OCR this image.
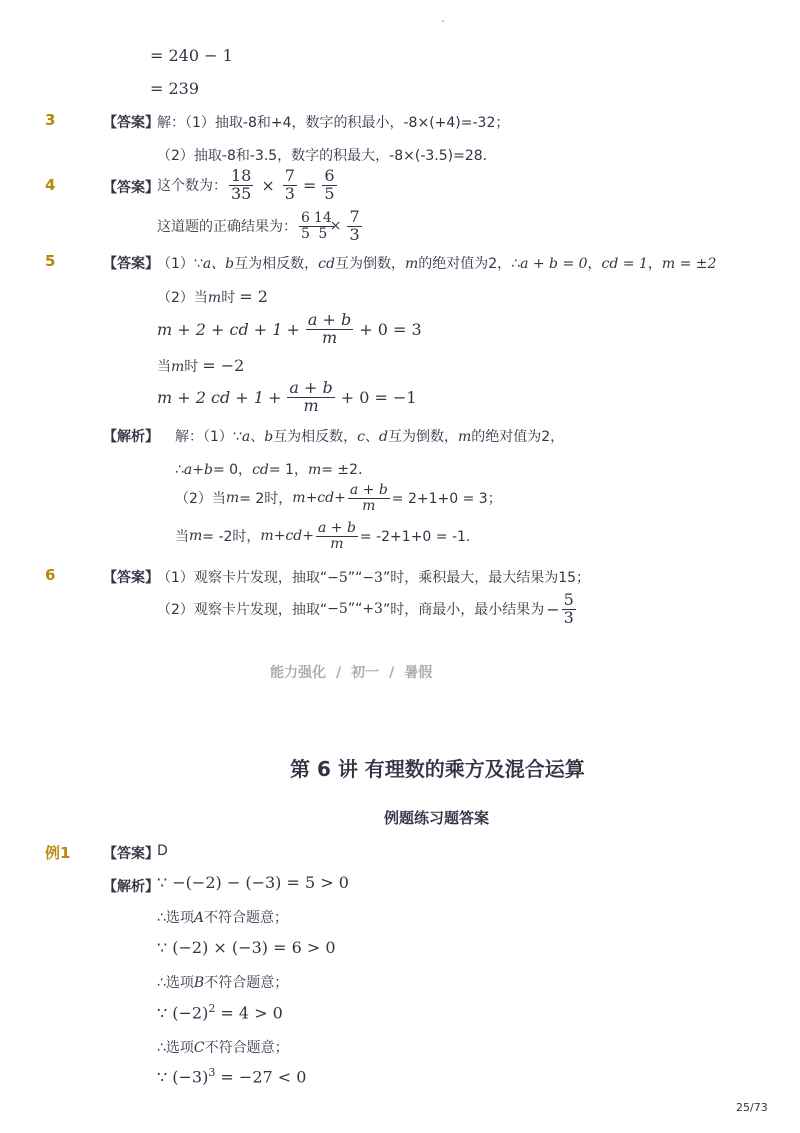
-
= 240 − 1
= 239
3	【答案】
解：（1）抽取-8和+4，数字的积最小，-8×(+4)=-32；
（2）抽取-8和-3.5，数字的积最大，-8×(-3.5)=28．
4	【答案】
这个数为： $\frac{18}{35} \times \frac{7}{3} = \frac{6}{5}$
这道题的正确结果为： $\frac{6}{5} \frac{14}{5}$
× $\frac{7}{3}$
5	【答案】
（1）∵a、b互为相反数，cd互为倒数，m的绝对值为2，∴a + b = 0，cd = 1，m = ±2
（2）当m时 = 2
m + 2 + cd + $1 + \frac{a + b}{m} + 0 = 3$
当m时 = −2
m + 2 cd + $1 + \frac{a + b}{m} + 0 = -1$
【解析】 解：（1）∵a、b互为相反数，c、d互为倒数，m的绝对值为2，
∴a+b= 0，cd= 1，m= ±2．
（2）当 m = 2时， $m+cd+ \frac{a + b}{m} = 2+1+0 = 3$；
当 m = -2时， $m+cd+ \frac{a + b}{m} = -2+1+0 = -1$．
6	【答案】
（1）观察卡片发现，抽取“−5”“−3”时，乘积最大，最大结果为15；
（2）观察卡片发现，抽取“ −5 ”“ +3 ”时，商最小，最小结果为 − $\frac{5}{3}$
能力强化 / 初一 / 暑假
第 6 讲 有理数的乘方及混合运算
例题练习题答案
例1 【答案】
D
【解析】
∵ −(−2) − (−3) = 5 > 0
∴选项A不符合题意；
∵ (−2) × (−3) = 6 > 0
∴选项B不符合题意；
∵ $(-2)^2 = 4 > 0$
∴选项C不符合题意；
∵ $(-3)^3 = -27 < 0$
25/73
